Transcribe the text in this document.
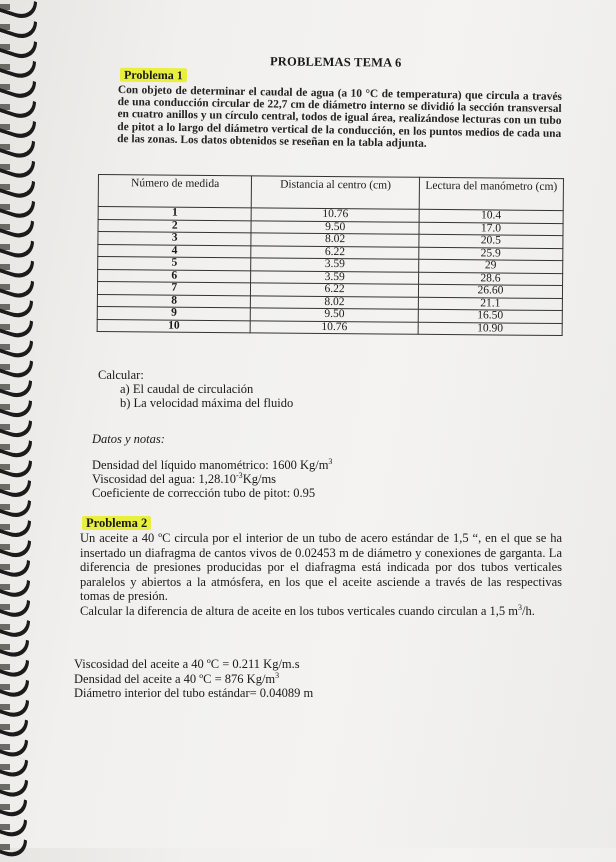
PROBLEMAS TEMA 6
Problema 1
Con objeto de determinar el caudal de agua (a 10 °C de temperatura) que circula a través de una conducción circular de 22,7 cm de diámetro interno se dividió la sección transversal en cuatro anillos y un círculo central, todos de igual área, realizándose lecturas con un tubo de pitot a lo largo del diámetro vertical de la conducción, en los puntos medios de cada una de las zonas. Los datos obtenidos se reseñan en la tabla adjunta.
Número de medida	Distancia al centro (cm)	Lectura del manómetro (cm)
1	10.76	10.4
2	9.50	17.0
3	8.02	20.5
4	6.22	25.9
5	3.59	29
6	3.59	28.6
7	6.22	26.60
8	8.02	21.1
9	9.50	16.50
10	10.76	10.90
Calcular:
a) El caudal de circulación
b) La velocidad máxima del fluido
Datos y notas:
Densidad del líquido manométrico: 1600 $Kg/m^3$
Viscosidad del agua: $1,28.10^{-3}Kg/ms$
Coeficiente de corrección tubo de pitot: 0.95
Problema 2
Un aceite a 40 ºC circula por el interior de un tubo de acero estándar de 1,5 “, en el que se ha insertado un diafragma de cantos vivos de 0.02453 m de diámetro y conexiones de garganta. La diferencia de presiones producidas por el diafragma está indicada por dos tubos verticales paralelos y abiertos a la atmósfera, en los que el aceite asciende a través de las respectivas tomas de presión.
Calcular la diferencia de altura de aceite en los tubos verticales cuando circulan a 1,5 $m^3/h$.
Viscosidad del aceite a 40 ºC = 0.211 Kg/m.s
Densidad del aceite a 40 ºC = 876 $Kg/m^3$
Diámetro interior del tubo estándar= 0.04089 m
